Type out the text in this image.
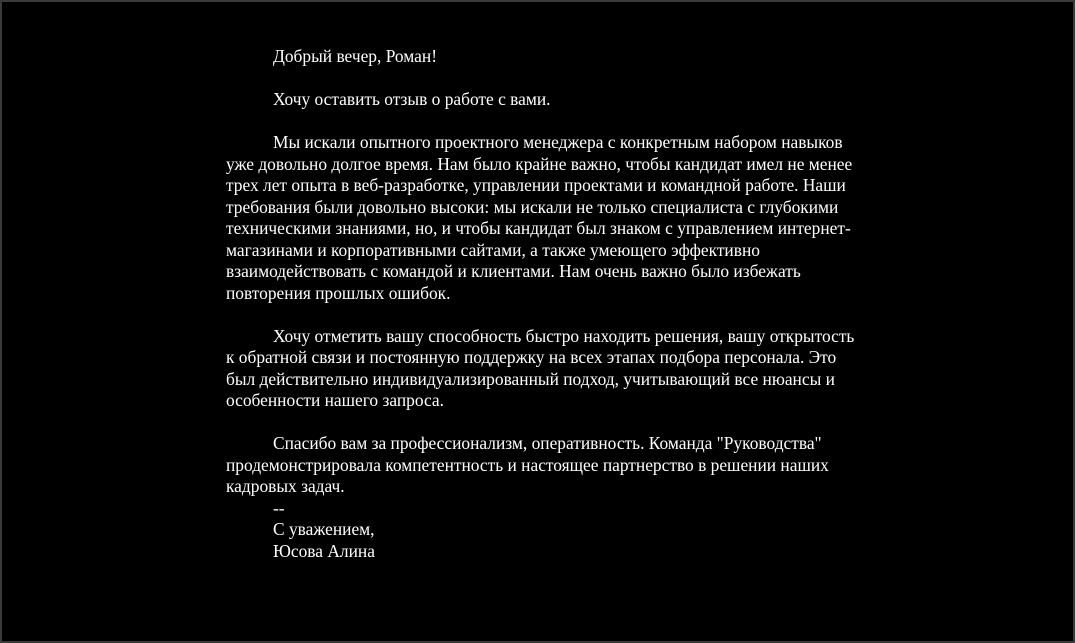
Добрый вечер, Роман!

Хочу оставить отзыв о работе с вами.

Мы искали опытного проектного менеджера с конкретным набором навыков уже довольно долгое время. Нам было крайне важно, чтобы кандидат имел не менее трех лет опыта в веб-разработке, управлении проектами и командной работе. Наши требования были довольно высоки: мы искали не только специалиста с глубокими техническими знаниями, но, и чтобы кандидат был знаком с управлением интернет-магазинами и корпоративными сайтами, а также умеющего эффективно взаимодействовать с командой и клиентами. Нам очень важно было избежать повторения прошлых ошибок.

Хочу отметить вашу способность быстро находить решения, вашу открытость к обратной связи и постоянную поддержку на всех этапах подбора персонала. Это был действительно индивидуализированный подход, учитывающий все нюансы и особенности нашего запроса.

Спасибо вам за профессионализм, оперативность. Команда "Руководства" продемонстрировала компетентность и настоящее партнерство в решении наших кадровых задач.

--
С уважением,
Юсова Алина
